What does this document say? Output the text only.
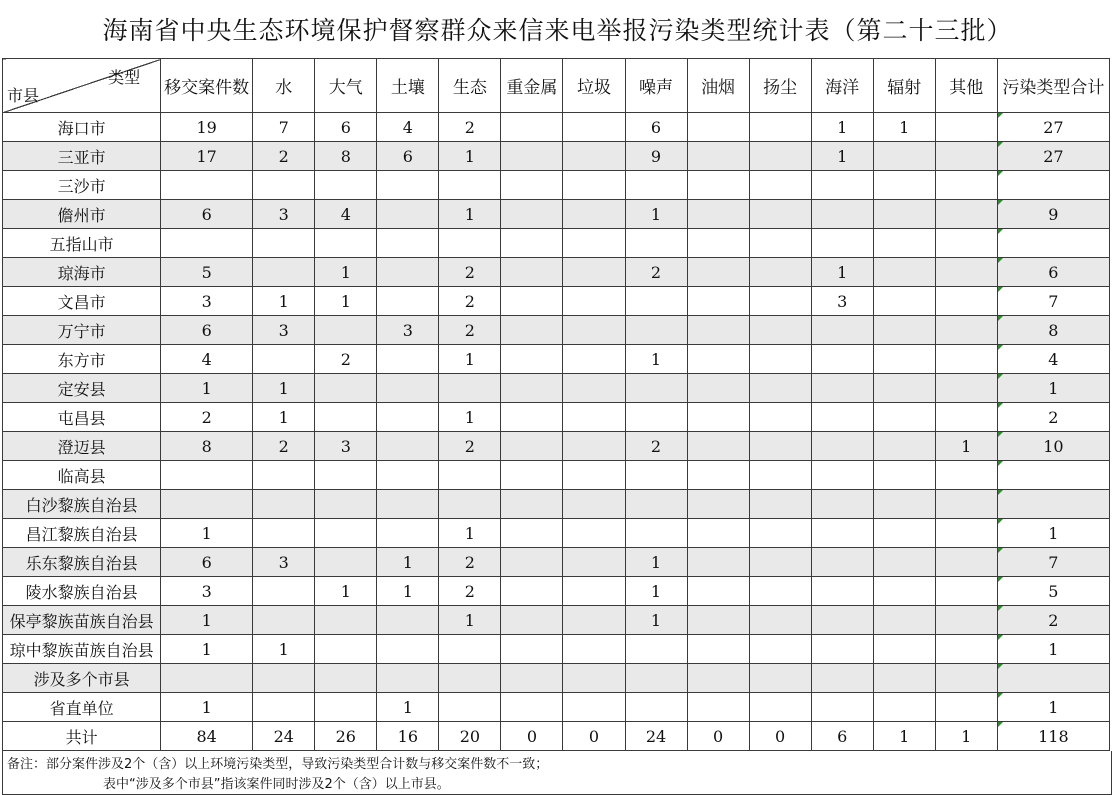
海南省中央生态环境保护督察群众来信来电举报污染类型统计表（第二十三批）
类型
市县	移交案件数	水	大气	土壤	生态	重金属	垃圾	噪声	油烟	扬尘	海洋	辐射	其他	污染类型合计
海口市	19	7	6	4	2			6			1	1		27
三亚市	17	2	8	6	1			9			1			27
三沙市														
儋州市	6	3	4		1			1						9
五指山市														
琼海市	5		1		2			2			1			6
文昌市	3	1	1		2						3			7
万宁市	6	3		3	2									8
东方市	4		2		1			1						4
定安县	1	1												1
屯昌县	2	1			1									2
澄迈县	8	2	3		2			2					1	10
临高县														
白沙黎族自治县														
昌江黎族自治县	1				1									1
乐东黎族自治县	6	3		1	2			1						7
陵水黎族自治县	3		1	1	2			1						5
保亭黎族苗族自治县	1				1			1						2
琼中黎族苗族自治县	1	1												1
涉及多个市县														
省直单位	1			1										1
共计	84	24	26	16	20	0	0	24	0	0	6	1	1	118
备注：部分案件涉及2个（含）以上环境污染类型，导致污染类型合计数与移交案件数不一致；
表中“涉及多个市县”指该案件同时涉及2个（含）以上市县。
